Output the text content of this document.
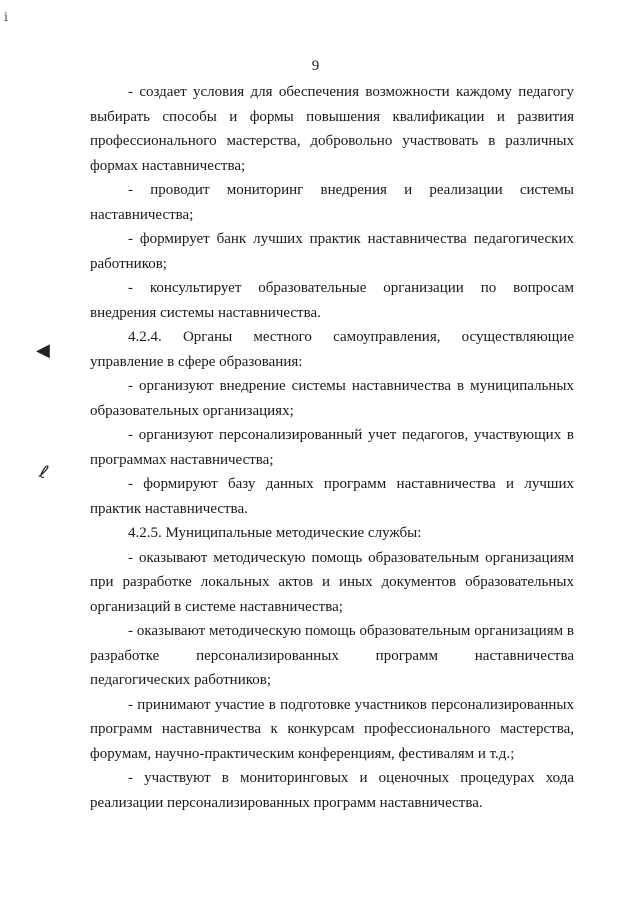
ⅰ
9
◀
ℓ

- создает условия для обеспечения возможности каждому педагогу выбирать способы и формы повышения квалификации и развития профессионального мастерства, добровольно участвовать в различных формах наставничества;

- проводит мониторинг внедрения и реализации системы наставничества;

- формирует банк лучших практик наставничества педагогических работников;

- консультирует образовательные организации по вопросам внедрения системы наставничества.

4.2.4. Органы местного самоуправления, осуществляющие управление в сфере образования:

- организуют внедрение системы наставничества в муниципальных образовательных организациях;

- организуют персонализированный учет педагогов, участвующих в программах наставничества;

- формируют базу данных программ наставничества и лучших практик наставничества.

4.2.5. Муниципальные методические службы:

- оказывают методическую помощь образовательным организациям при разработке локальных актов и иных документов образовательных организаций в системе наставничества;

- оказывают методическую помощь образовательным организациям в разработке персонализированных программ наставничества педагогических работников;

- принимают участие в подготовке участников персонализированных программ наставничества к конкурсам профессионального мастерства, форумам, научно-практическим конференциям, фестивалям и т.д.;

- участвуют в мониторинговых и оценочных процедурах хода реализации персонализированных программ наставничества.
